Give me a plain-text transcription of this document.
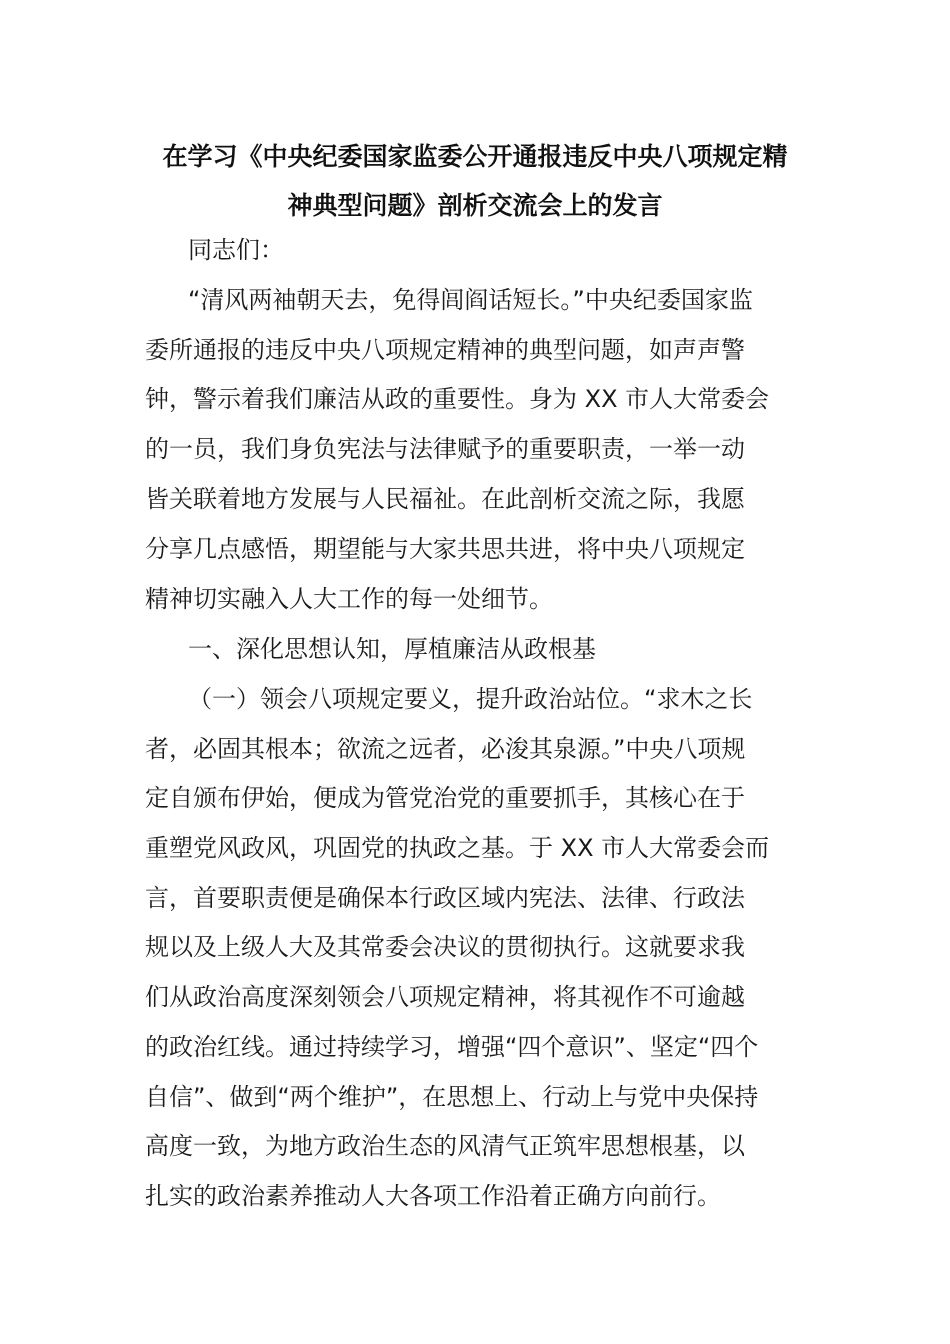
在学习《中央纪委国家监委公开通报违反中央八项规定精
神典型问题》剖析交流会上的发言
同志们：
“清风两袖朝天去，免得闾阎话短长。”中央纪委国家监
委所通报的违反中央八项规定精神的典型问题，如声声警
钟，警示着我们廉洁从政的重要性。身为 XX 市人大常委会
的一员，我们身负宪法与法律赋予的重要职责，一举一动
皆关联着地方发展与人民福祉。在此剖析交流之际，我愿
分享几点感悟，期望能与大家共思共进，将中央八项规定
精神切实融入人大工作的每一处细节。
一、深化思想认知，厚植廉洁从政根基
（一）领会八项规定要义，提升政治站位。“求木之长
者，必固其根本；欲流之远者，必浚其泉源。”中央八项规
定自颁布伊始，便成为管党治党的重要抓手，其核心在于
重塑党风政风，巩固党的执政之基。于 XX 市人大常委会而
言，首要职责便是确保本行政区域内宪法、法律、行政法
规以及上级人大及其常委会决议的贯彻执行。这就要求我
们从政治高度深刻领会八项规定精神，将其视作不可逾越
的政治红线。通过持续学习，增强“四个意识”、坚定“四个
自信”、做到“两个维护”，在思想上、行动上与党中央保持
高度一致，为地方政治生态的风清气正筑牢思想根基，以
扎实的政治素养推动人大各项工作沿着正确方向前行。
